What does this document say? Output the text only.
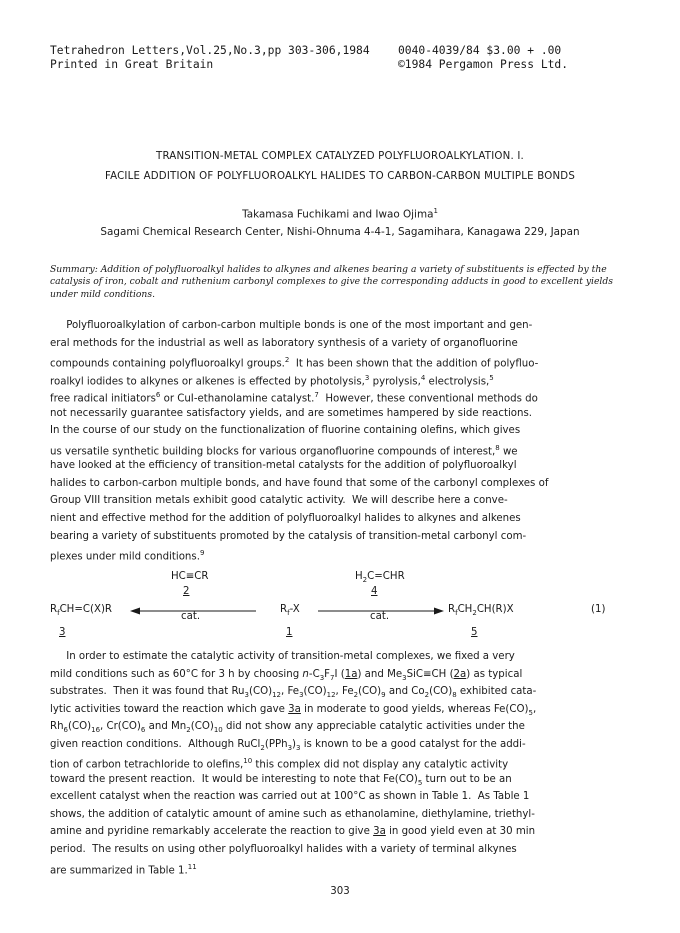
Tetrahedron Letters,Vol.25,No.3,pp 303-306,1984
Printed in Great Britain
0040-4039/84 $3.00 + .00
©1984 Pergamon Press Ltd.
TRANSITION-METAL COMPLEX CATALYZED POLYFLUOROALKYLATION. I.
FACILE ADDITION OF POLYFLUOROALKYL HALIDES TO CARBON-CARBON MULTIPLE BONDS
Takamasa Fuchikami and Iwao Ojima$^1$
Sagami Chemical Research Center, Nishi-Ohnuma 4-4-1, Sagamihara, Kanagawa 229, Japan
Summary: Addition of polyfluoroalkyl halides to alkynes and alkenes bearing a variety of substituents is effected by the catalysis of iron, cobalt and ruthenium carbonyl complexes to give the corresponding adducts in good to excellent yields under mild conditions.
Polyfluoroalkylation of carbon-carbon multiple bonds is one of the most important and gen-
eral methods for the industrial as well as laboratory synthesis of a variety of organofluorine
compounds containing polyfluoroalkyl groups.$^2$  It has been shown that the addition of polyfluo-
roalkyl iodides to alkynes or alkenes is effected by photolysis,$^3$ pyrolysis,$^4$ electrolysis,$^5$
free radical initiators$^6$ or CuI-ethanolamine catalyst.$^7$  However, these conventional methods do
not necessarily guarantee satisfactory yields, and are sometimes hampered by side reactions.
In the course of our study on the functionalization of fluorine containing olefins, which gives
us versatile synthetic building blocks for various organofluorine compounds of interest,$^8$ we
have looked at the efficiency of transition-metal catalysts for the addition of polyfluoroalkyl
halides to carbon-carbon multiple bonds, and have found that some of the carbonyl complexes of
Group VIII transition metals exhibit good catalytic activity.  We will describe here a conve-
nient and effective method for the addition of polyfluoroalkyl halides to alkynes and alkenes
bearing a variety of substituents promoted by the catalysis of transition-metal carbonyl com-
plexes under mild conditions.$^9$
HC≡CR
2
$H_2C=CHR$
4
$R_fCH=C(X)R$
3
cat.
$R_f-X$
1
cat.
$R_fCH_2CH(R)X$
5
(1)
In order to estimate the catalytic activity of transition-metal complexes, we fixed a very
mild conditions such as 60°C for 3 h by choosing $n-C_3F_7I$ (1a) and $Me_3SiC\equiv CH$ (2a) as typical
substrates.  Then it was found that $Ru_3(CO)_{12}$, $Fe_3(CO)_{12}$, $Fe_2(CO)_9$ and $Co_2(CO)_8$ exhibited cata-
lytic activities toward the reaction which gave 3a in moderate to good yields, whereas $Fe(CO)_5$,
$Rh_6(CO)_{16}$, $Cr(CO)_6$ and $Mn_2(CO)_{10}$ did not show any appreciable catalytic activities under the
given reaction conditions.  Although $RuCl_2(PPh_3)_3$ is known to be a good catalyst for the addi-
tion of carbon tetrachloride to olefins,$^{10}$ this complex did not display any catalytic activity
toward the present reaction.  It would be interesting to note that $Fe(CO)_5$ turn out to be an
excellent catalyst when the reaction was carried out at 100°C as shown in Table 1.  As Table 1
shows, the addition of catalytic amount of amine such as ethanolamine, diethylamine, triethyl-
amine and pyridine remarkably accelerate the reaction to give 3a in good yield even at 30 min
period.  The results on using other polyfluoroalkyl halides with a variety of terminal alkynes
are summarized in Table 1.11
303
